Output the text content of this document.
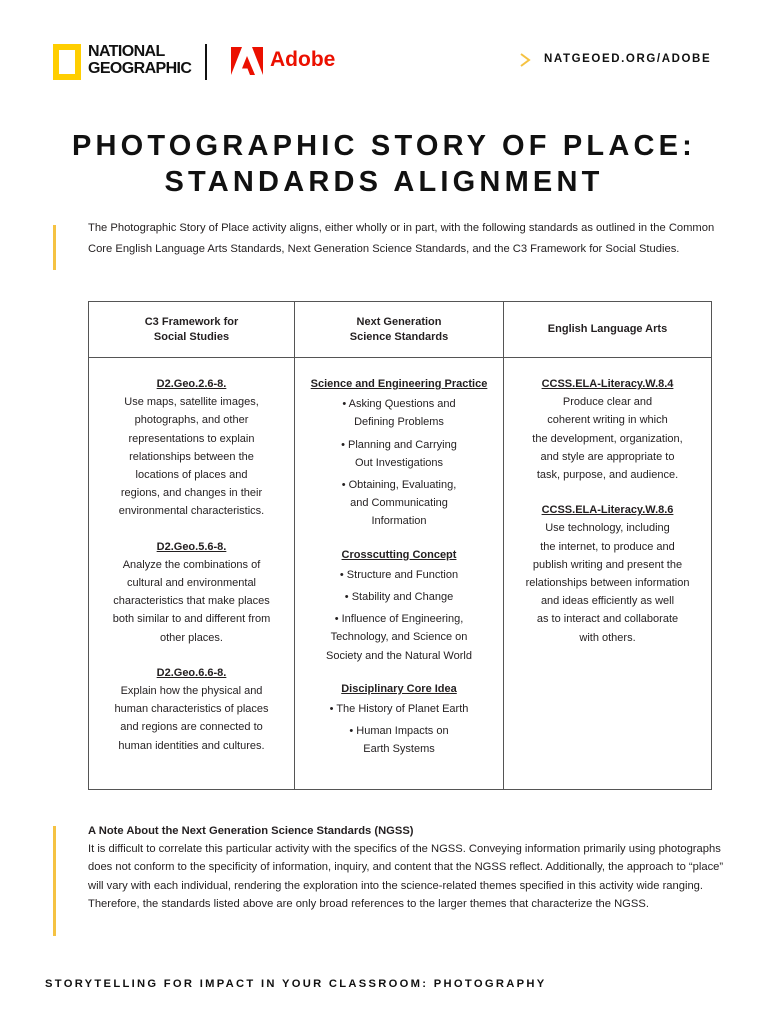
NATIONAL
GEOGRAPHIC	Adobe	NATGEOED.ORG/ADOBE
PHOTOGRAPHIC STORY OF PLACE:
STANDARDS ALIGNMENT
The Photographic Story of Place activity aligns, either wholly or in part, with the following standards as outlined in the Common Core English Language Arts Standards, Next Generation Science Standards, and the C3 Framework for Social Studies.
C3 Framework for
Social Studies
Next Generation
Science Standards
English Language Arts
D2.Geo.2.6-8.
Use maps, satellite images,
photographs, and other
representations to explain
relationships between the
locations of places and
regions, and changes in their
environmental characteristics.
D2.Geo.5.6-8.
Analyze the combinations of
cultural and environmental
characteristics that make places
both similar to and different from
other places.
D2.Geo.6.6-8.
Explain how the physical and
human characteristics of places
and regions are connected to
human identities and cultures.
Science and Engineering Practice
• Asking Questions and
Defining Problems
• Planning and Carrying
Out Investigations
• Obtaining, Evaluating,
and Communicating
Information
Crosscutting Concept
• Structure and Function
• Stability and Change
• Influence of Engineering,
Technology, and Science on
Society and the Natural World
Disciplinary Core Idea
• The History of Planet Earth
• Human Impacts on
Earth Systems
CCSS.ELA-Literacy.W.8.4
Produce clear and
coherent writing in which
the development, organization,
and style are appropriate to
task, purpose, and audience.
CCSS.ELA-Literacy.W.8.6
Use technology, including
the internet, to produce and
publish writing and present the
relationships between information
and ideas efficiently as well
as to interact and collaborate
with others.
A Note About the Next Generation Science Standards (NGSS)
It is difficult to correlate this particular activity with the specifics of the NGSS. Conveying information primarily using photographs does not conform to the specificity of information, inquiry, and content that the NGSS reflect. Additionally, the approach to “place” will vary with each individual, rendering the exploration into the science-related themes specified in this activity wide ranging. Therefore, the standards listed above are only broad references to the larger themes that characterize the NGSS.
STORYTELLING FOR IMPACT IN YOUR CLASSROOM: PHOTOGRAPHY
